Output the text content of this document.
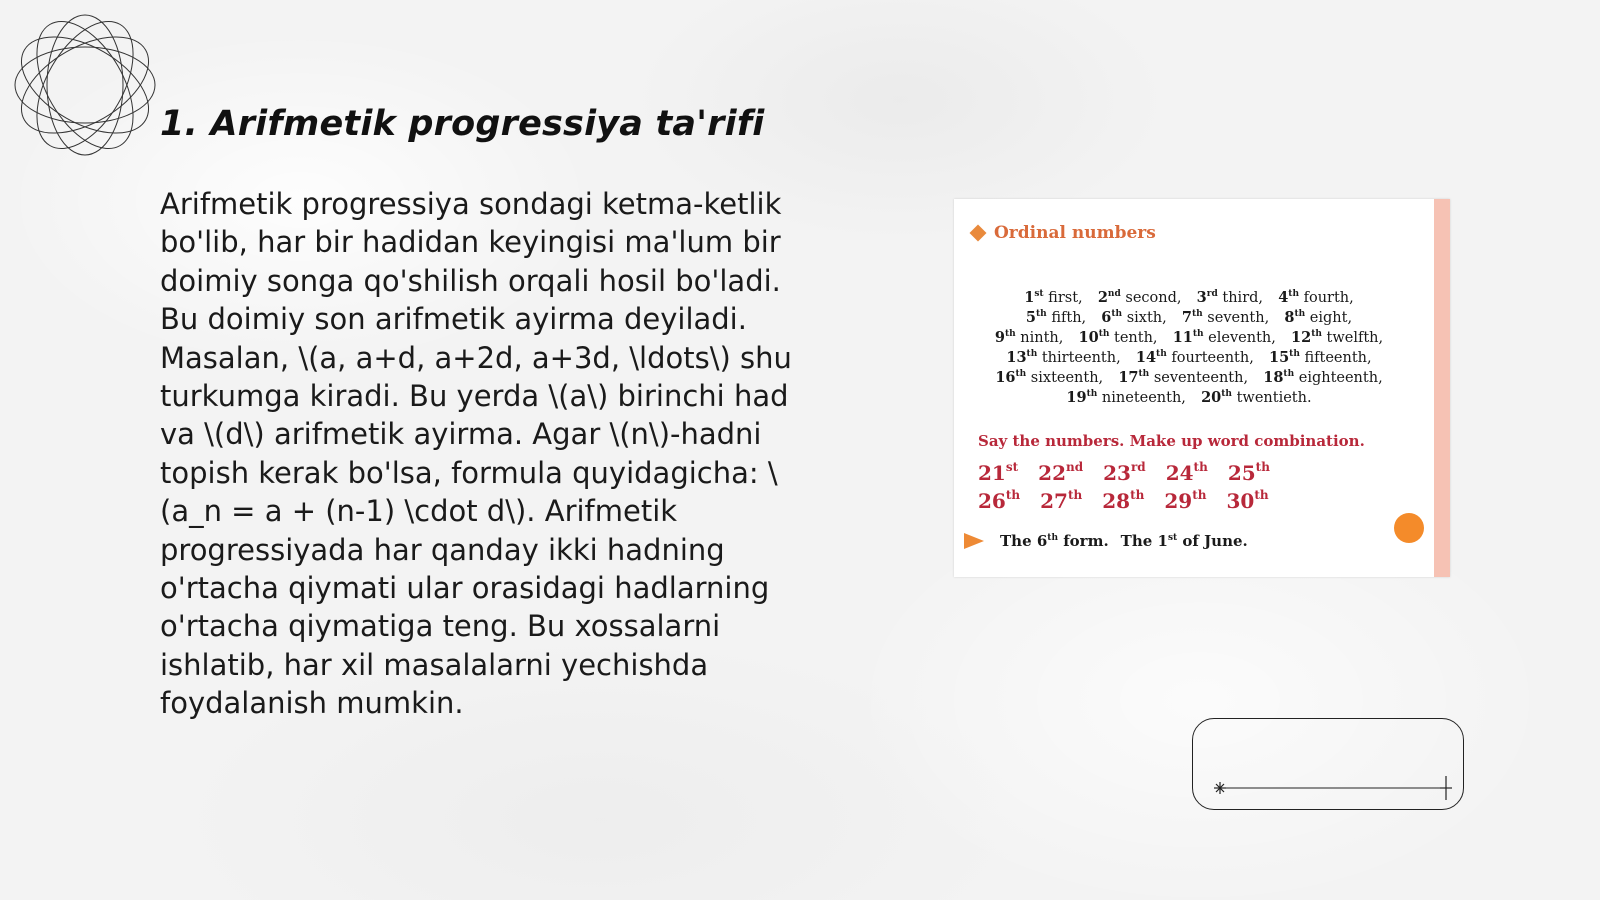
1. Arifmetik progressiya ta'rifi

Arifmetik progressiya sondagi ketma-ketlik bo'lib, har bir hadidan keyingisi ma'lum bir doimiy songa qo'shilish orqali hosil bo'ladi. Bu doimiy son arifmetik ayirma deyiladi. Masalan, \(a, a+d, a+2d, a+3d, \ldots\) shu turkumga kiradi. Bu yerda \(a\) birinchi had va \(d\) arifmetik ayirma. Agar \(n\)-hadni topish kerak bo'lsa, formula quyidagicha: \(a_n = a + (n-1) \cdot d\). Arifmetik progressiyada har qanday ikki hadning o'rtacha qiymati ular orasidagi hadlarning o'rtacha qiymatiga teng. Bu xossalarni ishlatib, har xil masalalarni yechishda foydalanish mumkin.

Ordinal numbers
1st first, 2nd second, 3rd third, 4th fourth,
5th fifth, 6th sixth, 7th seventh, 8th eight,
9th ninth, 10th tenth, 11th eleventh, 12th twelfth,
13th thirteenth, 14th fourteenth, 15th fifteenth,
16th sixteenth, 17th seventeenth, 18th eighteenth,
19th nineteenth, 20th twentieth.
Say the numbers. Make up word combination.
21st 22nd 23rd 24th 25th
26th 27th 28th 29th 30th
The 6th form. The 1st of June.
